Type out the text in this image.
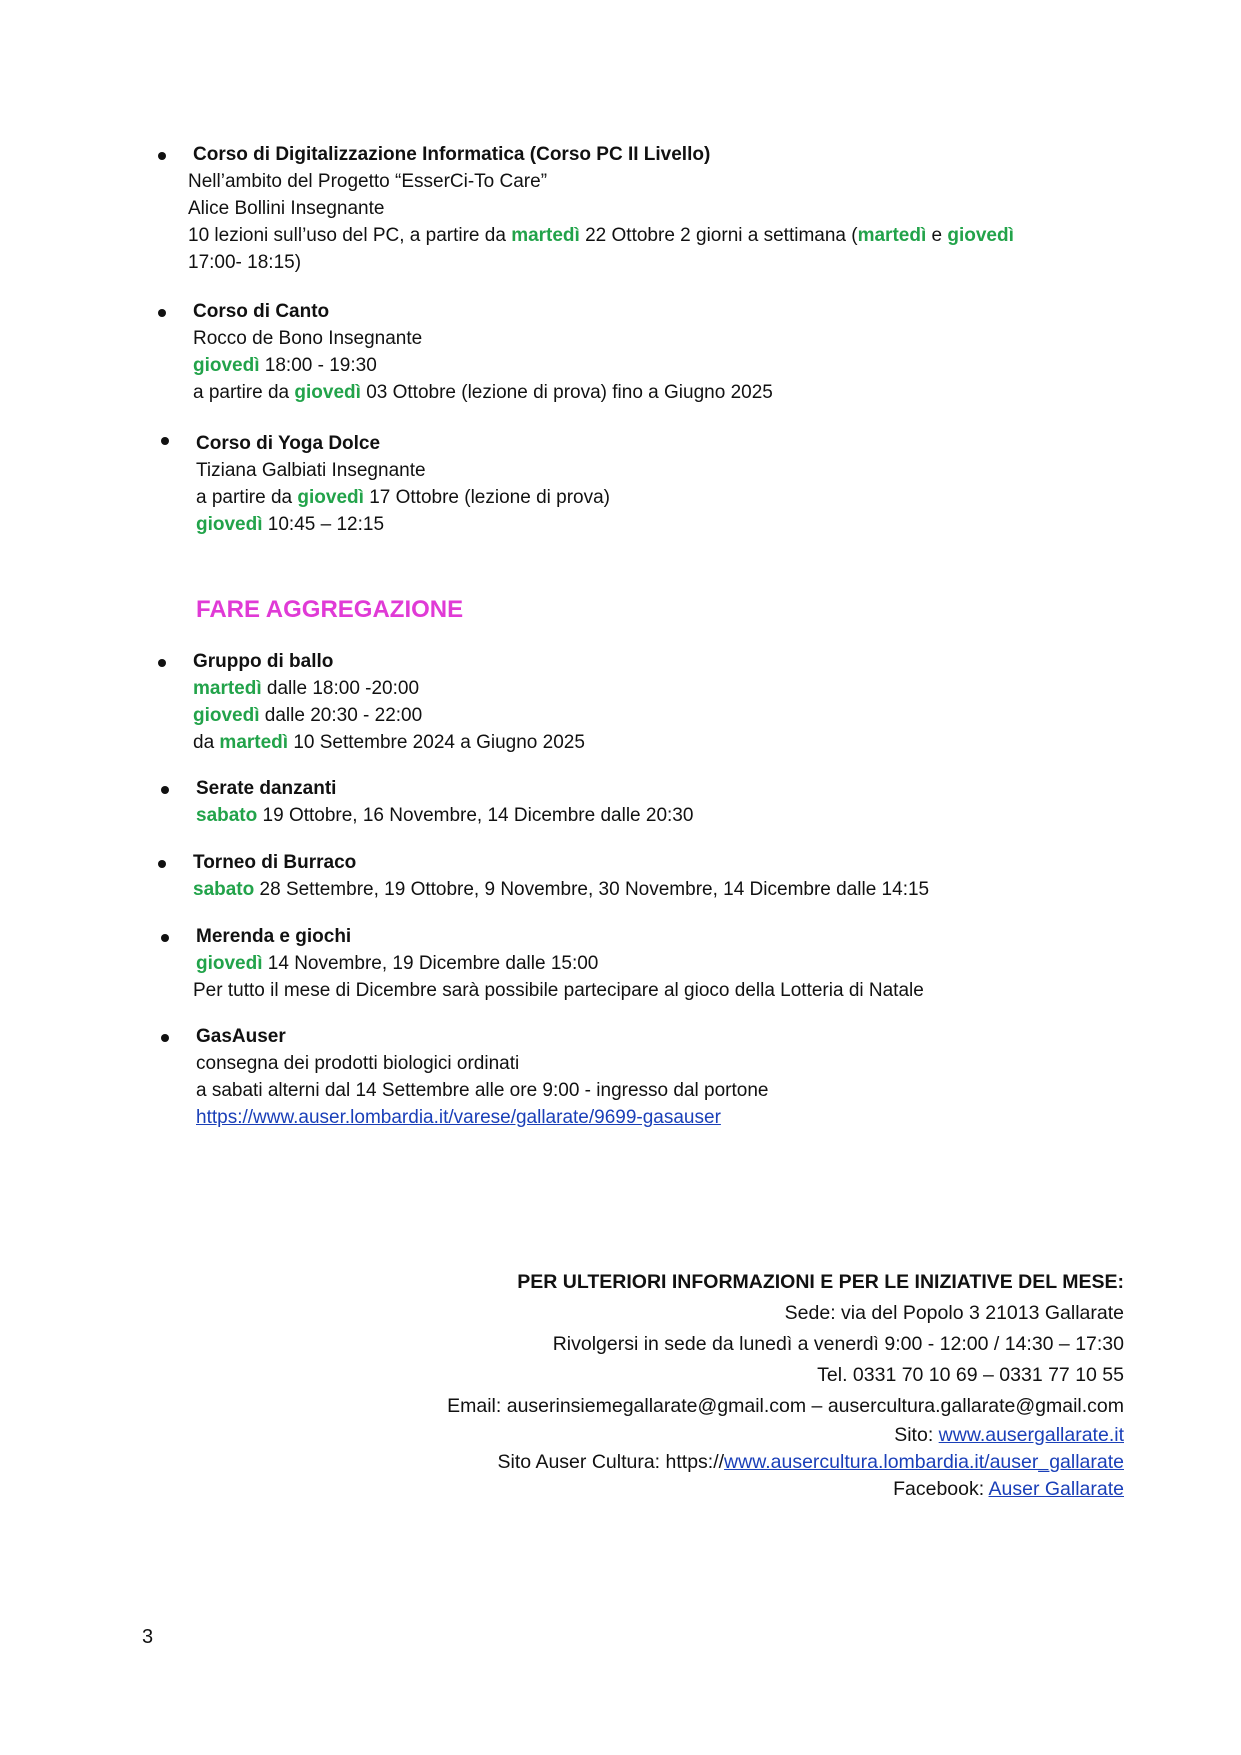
Corso di Digitalizzazione Informatica (Corso PC II Livello)
Nell’ambito del Progetto “EsserCi-To Care”
Alice Bollini Insegnante
10 lezioni sull’uso del PC, a partire da martedì 22 Ottobre 2 giorni a settimana (martedì e giovedì
17:00- 18:15)
Corso di Canto
Rocco de Bono Insegnante
giovedì 18:00 - 19:30
a partire da giovedì 03 Ottobre (lezione di prova) fino a Giugno 2025
Corso di Yoga Dolce
Tiziana Galbiati Insegnante
a partire da giovedì 17 Ottobre (lezione di prova)
giovedì 10:45 – 12:15
FARE AGGREGAZIONE
Gruppo di ballo
martedì dalle 18:00 -20:00
giovedì dalle 20:30 - 22:00
da martedì 10 Settembre 2024 a Giugno 2025
Serate danzanti
sabato 19 Ottobre, 16 Novembre, 14 Dicembre dalle 20:30
Torneo di Burraco
sabato 28 Settembre, 19 Ottobre, 9 Novembre, 30 Novembre, 14 Dicembre dalle 14:15
Merenda e giochi
giovedì 14 Novembre, 19 Dicembre dalle 15:00
Per tutto il mese di Dicembre sarà possibile partecipare al gioco della Lotteria di Natale
GasAuser
consegna dei prodotti biologici ordinati
a sabati alterni dal 14 Settembre alle ore 9:00 - ingresso dal portone
https://www.auser.lombardia.it/varese/gallarate/9699-gasauser
PER ULTERIORI INFORMAZIONI E PER LE INIZIATIVE DEL MESE:
Sede: via del Popolo 3 21013 Gallarate
Rivolgersi in sede da lunedì a venerdì 9:00 - 12:00 / 14:30 – 17:30
Tel. 0331 70 10 69 – 0331 77 10 55
Email: auserinsiemegallarate@gmail.com – ausercultura.gallarate@gmail.com
Sito: www.ausergallarate.it
Sito Auser Cultura: https://www.ausercultura.lombardia.it/auser_gallarate
Facebook: Auser Gallarate
3
